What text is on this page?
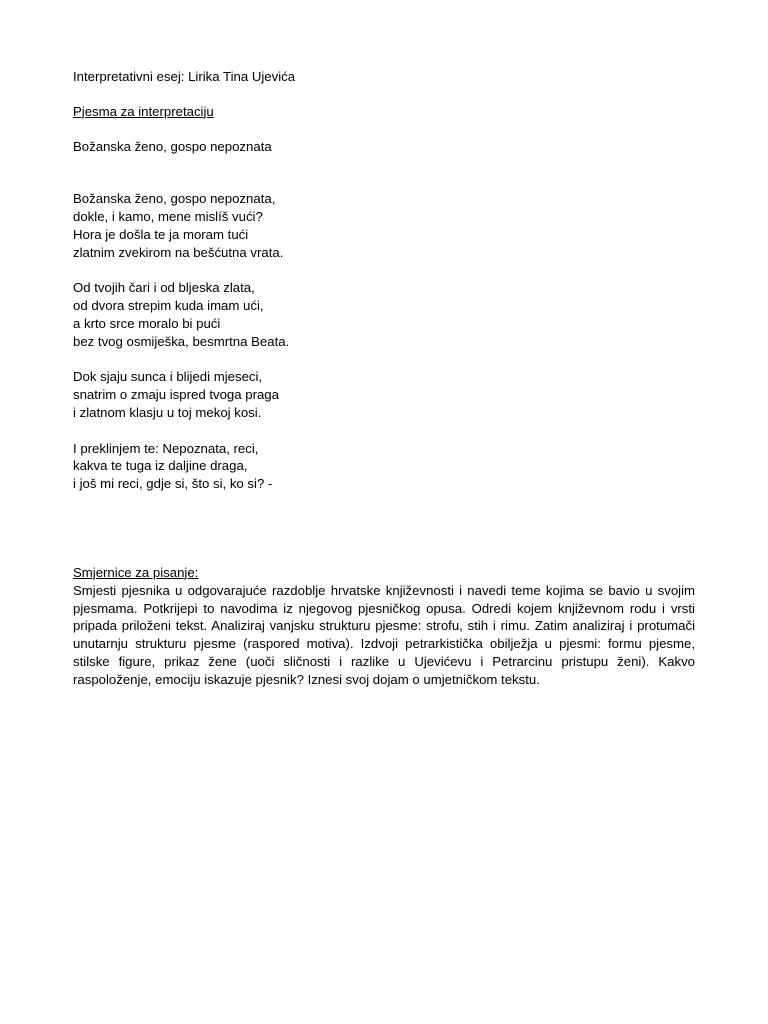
Interpretativni esej: Lirika Tina Ujevića
Pjesma za interpretaciju
Božanska ženo, gospo nepoznata
Božanska ženo, gospo nepoznata,
dokle, i kamo, mene mislíš vući?
Hora je došla te ja moram tući
zlatnim zvekirom na bešćutna vrata.
Od tvojih čari i od bljeska zlata,
od dvora strepim kuda imam ući,
a krto srce moralo bi pući
bez tvog osmiješka, besmrtna Beata.
Dok sjaju sunca i blijedi mjeseci,
snatrim o zmaju ispred tvoga praga
i zlatnom klasju u toj mekoj kosi.
I preklinjem te: Nepoznata, reci,
kakva te tuga iz daljine draga,
i još mi reci, gdje si, što si, ko si? -
Smjernice za pisanje:
Smjesti pjesnika u odgovarajuće razdoblje hrvatske književnosti i navedi teme kojima se bavio u svojim pjesmama. Potkrijepi to navodima iz njegovog pjesničkog opusa. Odredi kojem književnom rodu i vrsti pripada priloženi tekst. Analiziraj vanjsku strukturu pjesme: strofu, stih i rimu. Zatim analiziraj i protumači unutarnju strukturu pjesme (raspored motiva). Izdvoji petrarkistička obilježja u pjesmi: formu pjesme, stilske figure, prikaz žene (uoči sličnosti i razlike u Ujevićevu i Petrarcinu pristupu ženi). Kakvo raspoloženje, emociju iskazuje pjesnik? Iznesi svoj dojam o umjetničkom tekstu.
